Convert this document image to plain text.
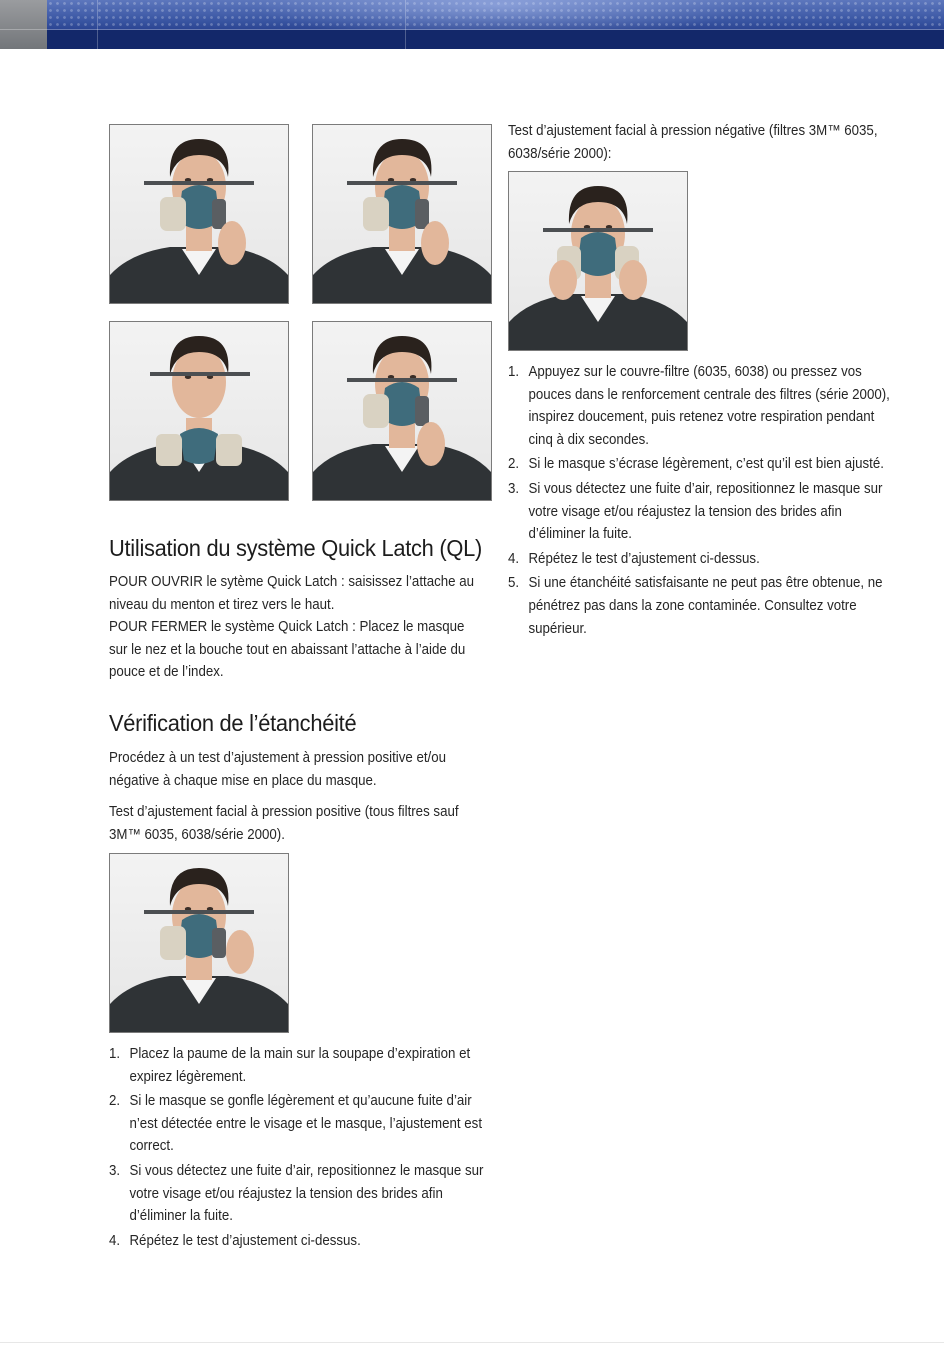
Utilisation du système Quick Latch (QL)

POUR OUVRIR le sytème Quick Latch : saisissez l’attache au niveau du menton et tirez vers le haut.

POUR FERMER le système Quick Latch : Placez le masque sur le nez et la bouche tout en abaissant l’attache à l’aide du pouce et de l’index.

Vérification de l’étanchéité

Procédez à un test d’ajustement à pression positive et/ou négative à chaque mise en place du masque.

Test d’ajustement facial à pression positive (tous filtres sauf 3M™ 6035, 6038/série 2000).

1. Placez la paume de la main sur la soupape d’expiration et expirez légèrement.
2. Si le masque se gonfle légèrement et qu’aucune fuite d’air n’est détectée entre le visage et le masque, l’ajustement est correct.
3. Si vous détectez une fuite d’air, repositionnez le masque sur votre visage et/ou réajustez la tension des brides afin d’éliminer la fuite.
4. Répétez le test d’ajustement ci-dessus.

Test d’ajustement facial à pression négative (filtres 3M™ 6035, 6038/série 2000):

1. Appuyez sur le couvre-filtre (6035, 6038) ou pressez vos pouces dans le renforcement centrale des filtres (série 2000), inspirez doucement, puis retenez votre respiration pendant cinq à dix secondes.
2. Si le masque s’écrase légèrement, c’est qu’il est bien ajusté.
3. Si vous détectez une fuite d’air, repositionnez le masque sur votre visage et/ou réajustez la tension des brides afin d’éliminer la fuite.
4. Répétez le test d’ajustement ci-dessus.
5. Si une étanchéité satisfaisante ne peut pas être obtenue, ne pénétrez pas dans la zone contaminée. Consultez votre supérieur.
